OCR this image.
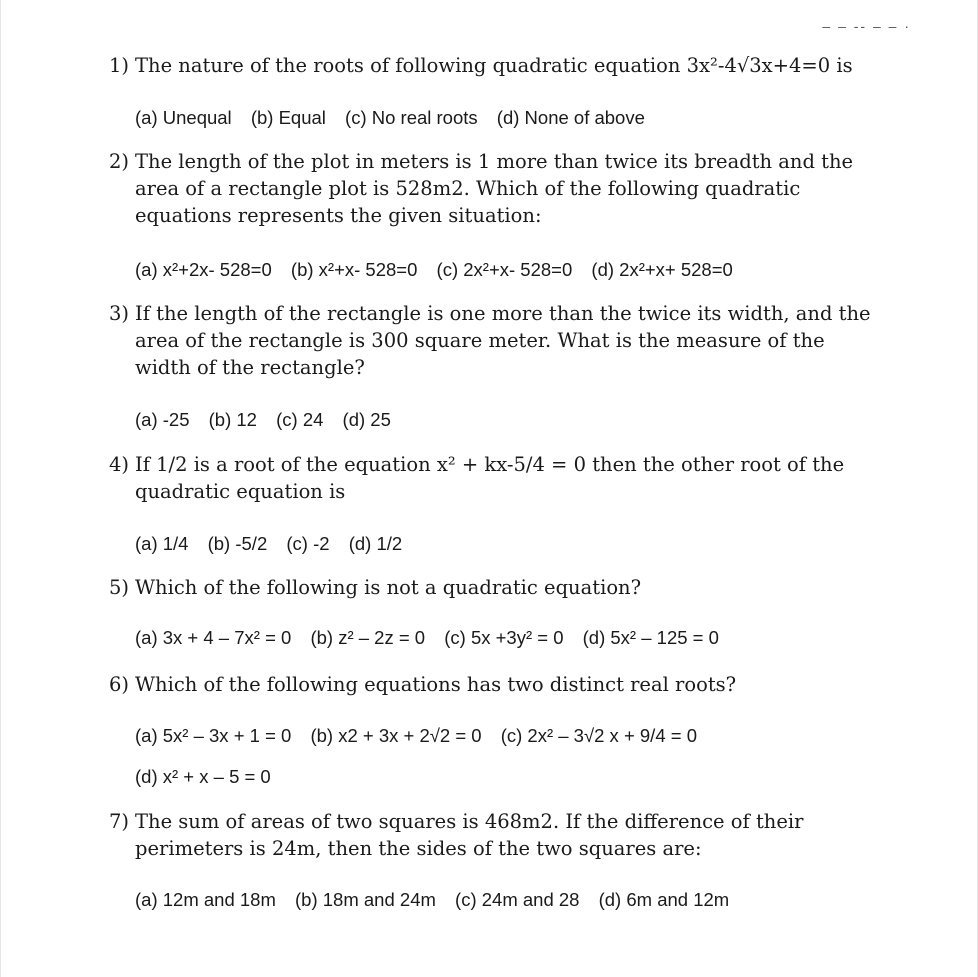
– – -- – – ·
1) The nature of the roots of following quadratic equation 3x²-4√3x+4=0 is
(a) Unequal (b) Equal (c) No real roots (d) None of above
2) The length of the plot in meters is 1 more than twice its breadth and the area of a rectangle plot is 528m2. Which of the following quadratic equations represents the given situation:
(a) x²+2x- 528=0 (b) x²+x- 528=0 (c) 2x²+x- 528=0 (d) 2x²+x+ 528=0
3) If the length of the rectangle is one more than the twice its width, and the area of the rectangle is 300 square meter. What is the measure of the width of the rectangle?
(a) -25 (b) 12 (c) 24 (d) 25
4) If 1/2 is a root of the equation x² + kx-5/4 = 0 then the other root of the quadratic equation is
(a) 1/4 (b) -5/2 (c) -2 (d) 1/2
5) Which of the following is not a quadratic equation?
(a) 3x + 4 – 7x² = 0 (b) z² – 2z = 0 (c) 5x +3y² = 0 (d) 5x² – 125 = 0
6) Which of the following equations has two distinct real roots?
(a) 5x² – 3x + 1 = 0 (b) x2 + 3x + 2√2 = 0 (c) 2x² – 3√2 x + 9/4 = 0
(d) x² + x – 5 = 0
7) The sum of areas of two squares is 468m2. If the difference of their perimeters is 24m, then the sides of the two squares are:
(a) 12m and 18m (b) 18m and 24m (c) 24m and 28 (d) 6m and 12m
